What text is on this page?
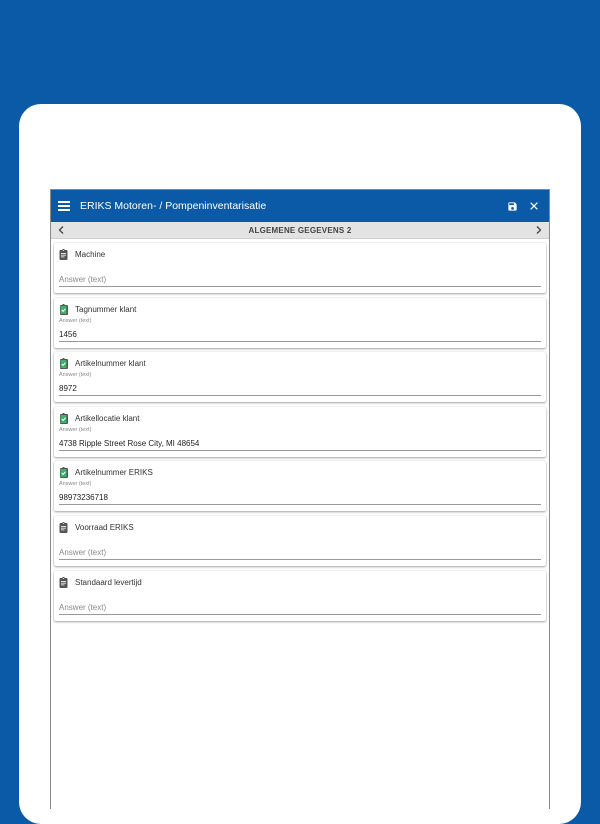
ERIKS Motoren- / Pompeninventarisatie
ALGEMENE GEGEVENS 2
Machine
Answer (text)
Tagnummer klant
Answer (text)
1456
Artikelnummer klant
Answer (text)
8972
Artikellocatie klant
Answer (text)
4738 Ripple Street Rose City, MI 48654
Artikelnummer ERIKS
Answer (text)
98973236718
Voorraad ERIKS
Answer (text)
Standaard levertijd
Answer (text)
